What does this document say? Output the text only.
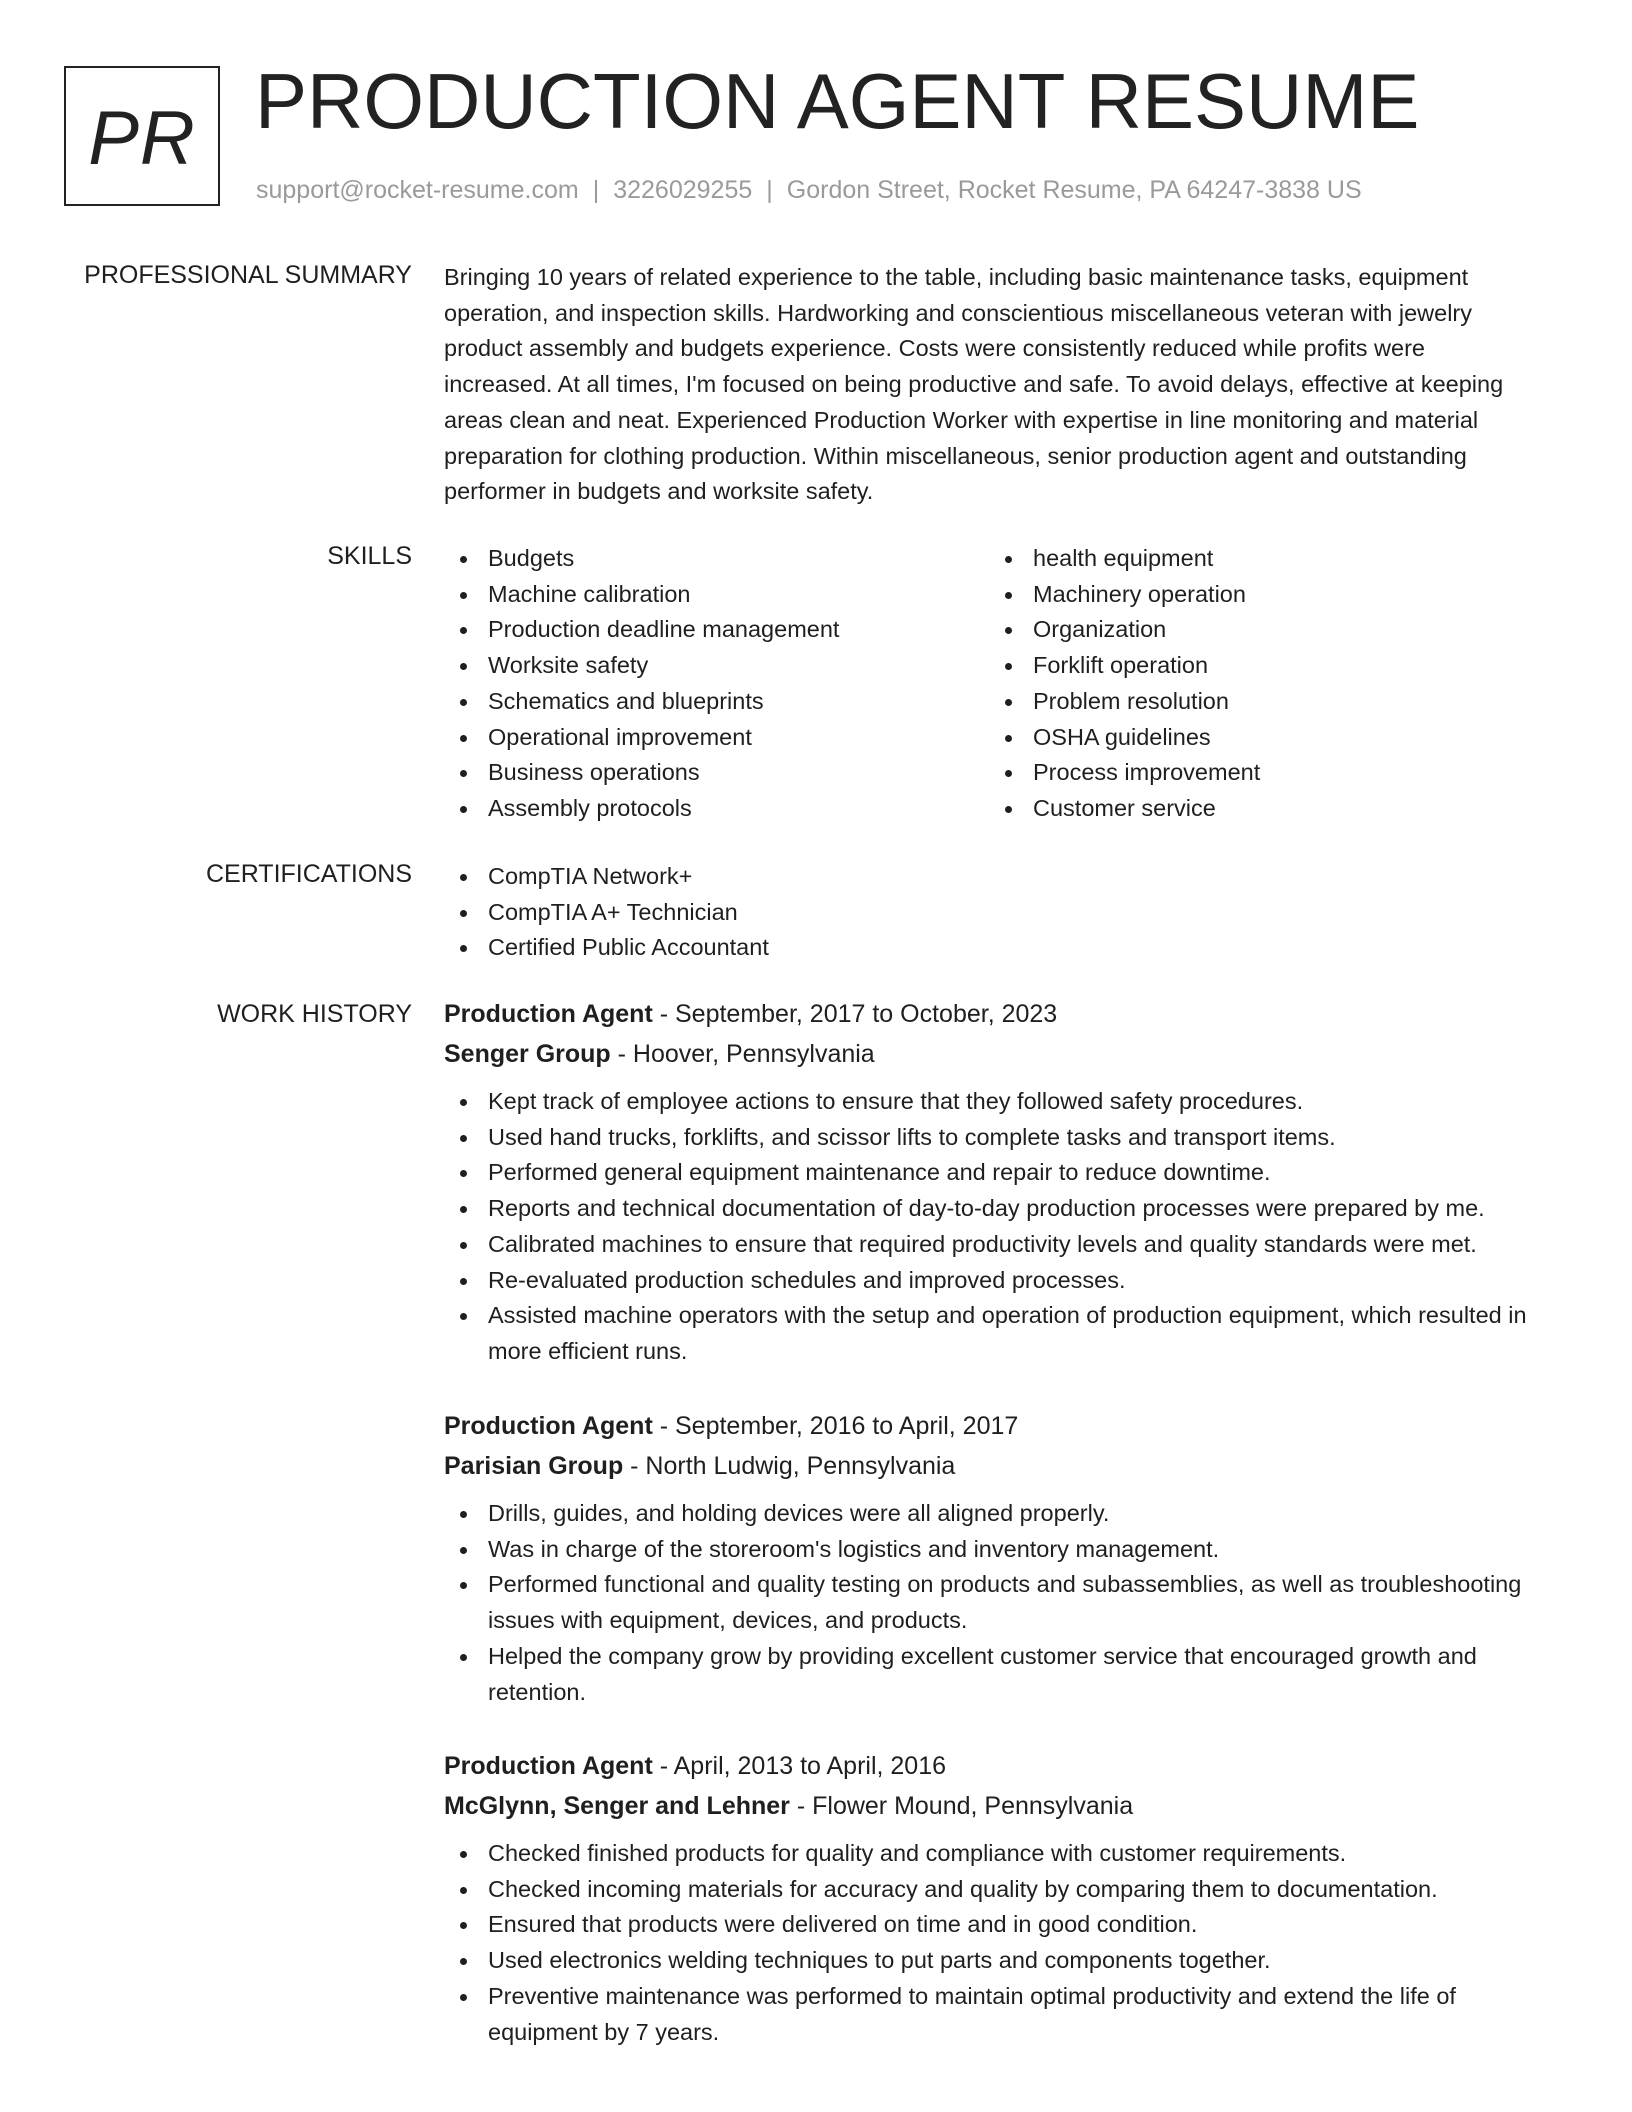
PR PRODUCTION AGENT RESUME
support@rocket-resume.com | 3226029255 | Gordon Street, Rocket Resume, PA 64247-3838 US
PROFESSIONAL SUMMARY Bringing 10 years of related experience to the table, including basic maintenance tasks, equipment operation, and inspection skills. Hardworking and conscientious miscellaneous veteran with jewelry product assembly and budgets experience. Costs were consistently reduced while profits were increased. At all times, I'm focused on being productive and safe. To avoid delays, effective at keeping areas clean and neat. Experienced Production Worker with expertise in line monitoring and material preparation for clothing production. Within miscellaneous, senior production agent and outstanding performer in budgets and worksite safety.

SKILLS	Budgets
Machine calibration
Production deadline management
Worksite safety
Schematics and blueprints
Operational improvement
Business operations
Assembly protocols
health equipment
Machinery operation
Organization
Forklift operation
Problem resolution
OSHA guidelines
Process improvement
Customer service
CERTIFICATIONS	CompTIA Network+
CompTIA A+ Technician
Certified Public Accountant
WORK HISTORY Production Agent - September, 2017 to October, 2023
Senger Group - Hoover, Pennsylvania
Kept track of employee actions to ensure that they followed safety procedures.
Used hand trucks, forklifts, and scissor lifts to complete tasks and transport items.
Performed general equipment maintenance and repair to reduce downtime.
Reports and technical documentation of day-to-day production processes were prepared by me.
Calibrated machines to ensure that required productivity levels and quality standards were met.
Re-evaluated production schedules and improved processes.
Assisted machine operators with the setup and operation of production equipment, which resulted in more efficient runs.
Production Agent - September, 2016 to April, 2017
Parisian Group - North Ludwig, Pennsylvania
Drills, guides, and holding devices were all aligned properly.
Was in charge of the storeroom's logistics and inventory management.
Performed functional and quality testing on products and subassemblies, as well as troubleshooting issues with equipment, devices, and products.
Helped the company grow by providing excellent customer service that encouraged growth and retention.
Production Agent - April, 2013 to April, 2016
McGlynn, Senger and Lehner - Flower Mound, Pennsylvania
Checked finished products for quality and compliance with customer requirements.
Checked incoming materials for accuracy and quality by comparing them to documentation.
Ensured that products were delivered on time and in good condition.
Used electronics welding techniques to put parts and components together.
Preventive maintenance was performed to maintain optimal productivity and extend the life of equipment by 7 years.
